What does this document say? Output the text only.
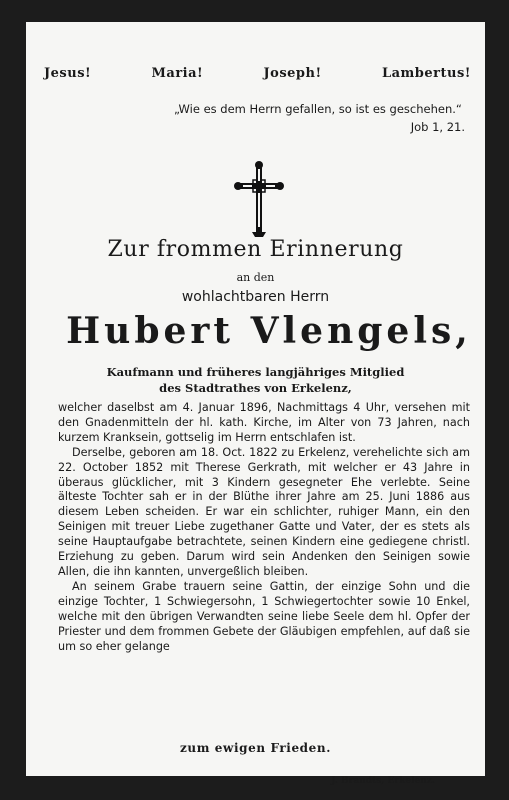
Jesus!	Maria!	Joseph!	Lambertus!
„Wie es dem Herrn gefallen, so ist es geschehen.“
Job 1, 21.
Zur frommen Erinnerung
an den
wohlachtbaren Herrn
Hubert Vlengels,
Kaufmann und früheres langjähriges Mitglied
des Stadtrathes von Erkelenz,

welcher daselbst am 4. Januar 1896, Nachmittags 4 Uhr, versehen mit den Gnadenmitteln der hl. kath. Kirche, im Alter von 73 Jahren, nach kurzem Kranksein, gottselig im Herrn entschlafen ist.

Derselbe, geboren am 18. Oct. 1822 zu Erkelenz, verehelichte sich am 22. October 1852 mit Therese Gerkrath, mit welcher er 43 Jahre in überaus glücklicher, mit 3 Kindern gesegneter Ehe verlebte. Seine älteste Tochter sah er in der Blüthe ihrer Jahre am 25. Juni 1886 aus diesem Leben scheiden. Er war ein schlichter, ruhiger Mann, ein den Seinigen mit treuer Liebe zugethaner Gatte und Vater, der es stets als seine Hauptaufgabe betrachtete, seinen Kindern eine gediegene christl. Erziehung zu geben. Darum wird sein Andenken den Seinigen sowie Allen, die ihn kannten, unvergeßlich bleiben.

An seinem Grabe trauern seine Gattin, der einzige Sohn und die einzige Tochter, 1 Schwiegersohn, 1 Schwiegertochter sowie 10 Enkel, welche mit den übrigen Verwandten seine liebe Seele dem hl. Opfer der Priester und dem frommen Gebete der Gläubigen empfehlen, auf daß sie um so eher gelange

zum ewigen Frieden.
J. Brandts, Erkelenz.
